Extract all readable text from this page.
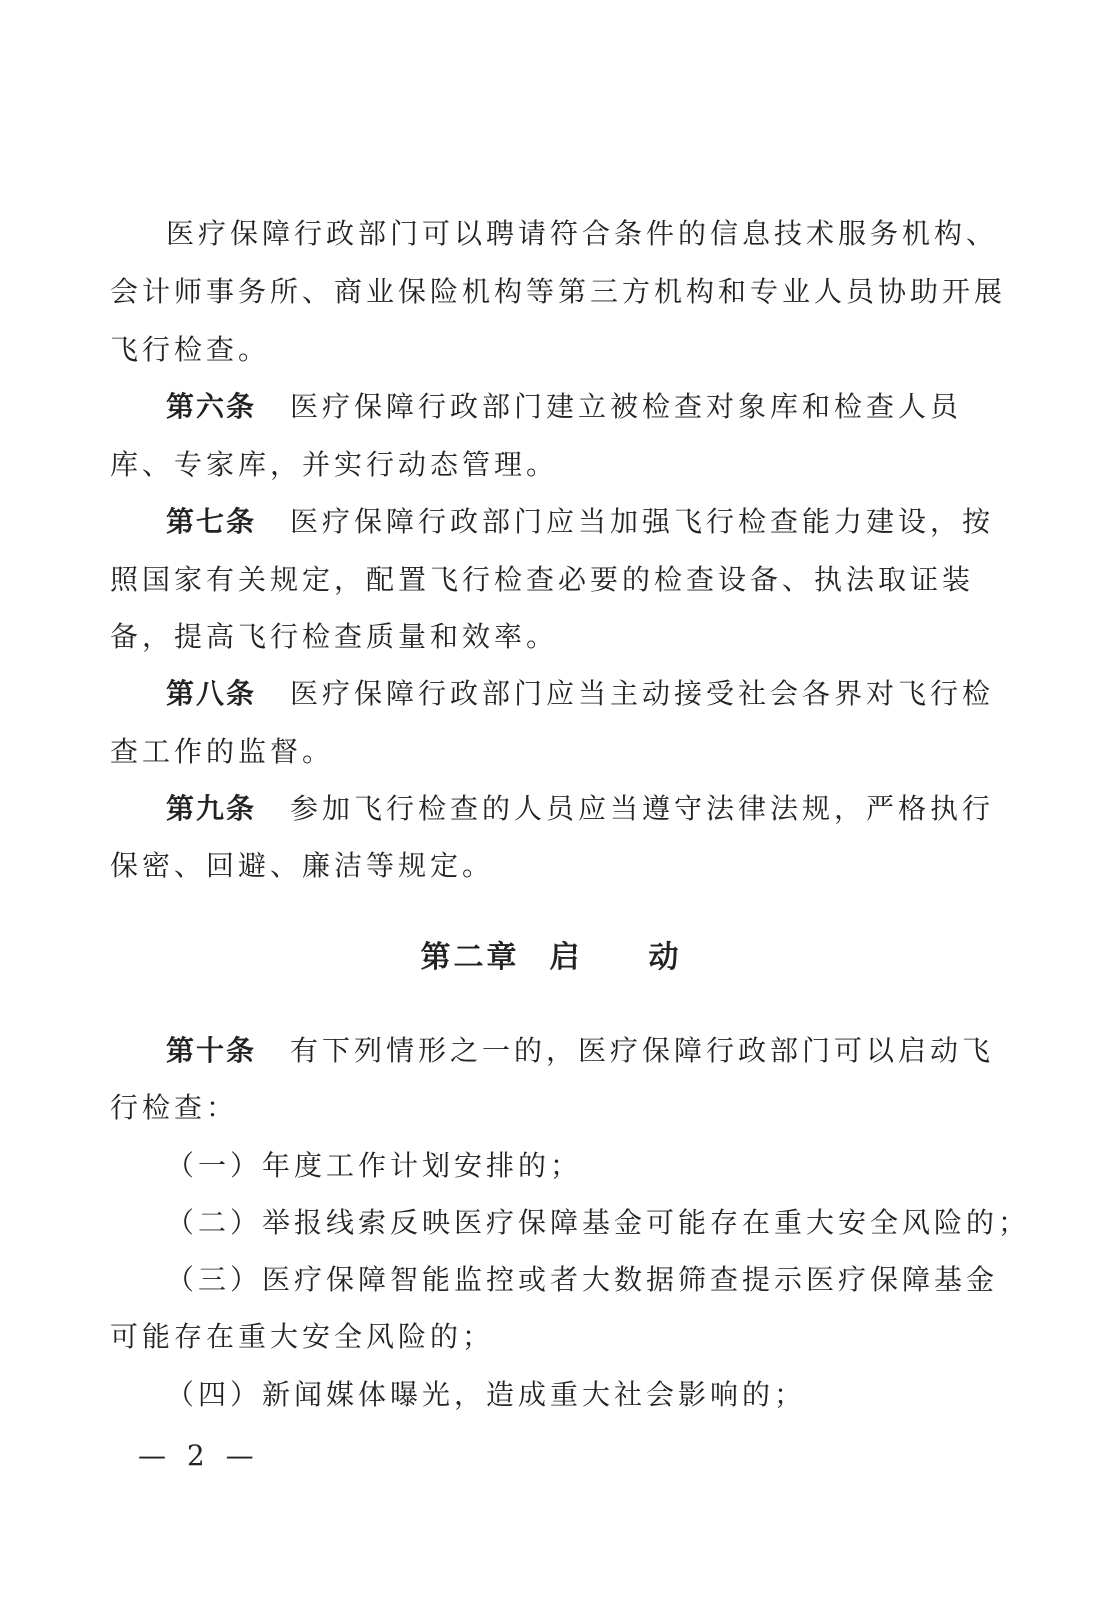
医疗保障行政部门可以聘请符合条件的信息技术服务机构、
会计师事务所、商业保险机构等第三方机构和专业人员协助开展
飞行检查。
第六条 医疗保障行政部门建立被检查对象库和检查人员
库、专家库，并实行动态管理。
第七条 医疗保障行政部门应当加强飞行检查能力建设，按
照国家有关规定，配置飞行检查必要的检查设备、执法取证装
备，提高飞行检查质量和效率。
第八条 医疗保障行政部门应当主动接受社会各界对飞行检
查工作的监督。
第九条 参加飞行检查的人员应当遵守法律法规，严格执行
保密、回避、廉洁等规定。
第二章 启 动
第十条 有下列情形之一的，医疗保障行政部门可以启动飞
行检查：
（一）年度工作计划安排的；
（二）举报线索反映医疗保障基金可能存在重大安全风险的；
（三）医疗保障智能监控或者大数据筛查提示医疗保障基金
可能存在重大安全风险的；
（四）新闻媒体曝光，造成重大社会影响的；
— 2 —
